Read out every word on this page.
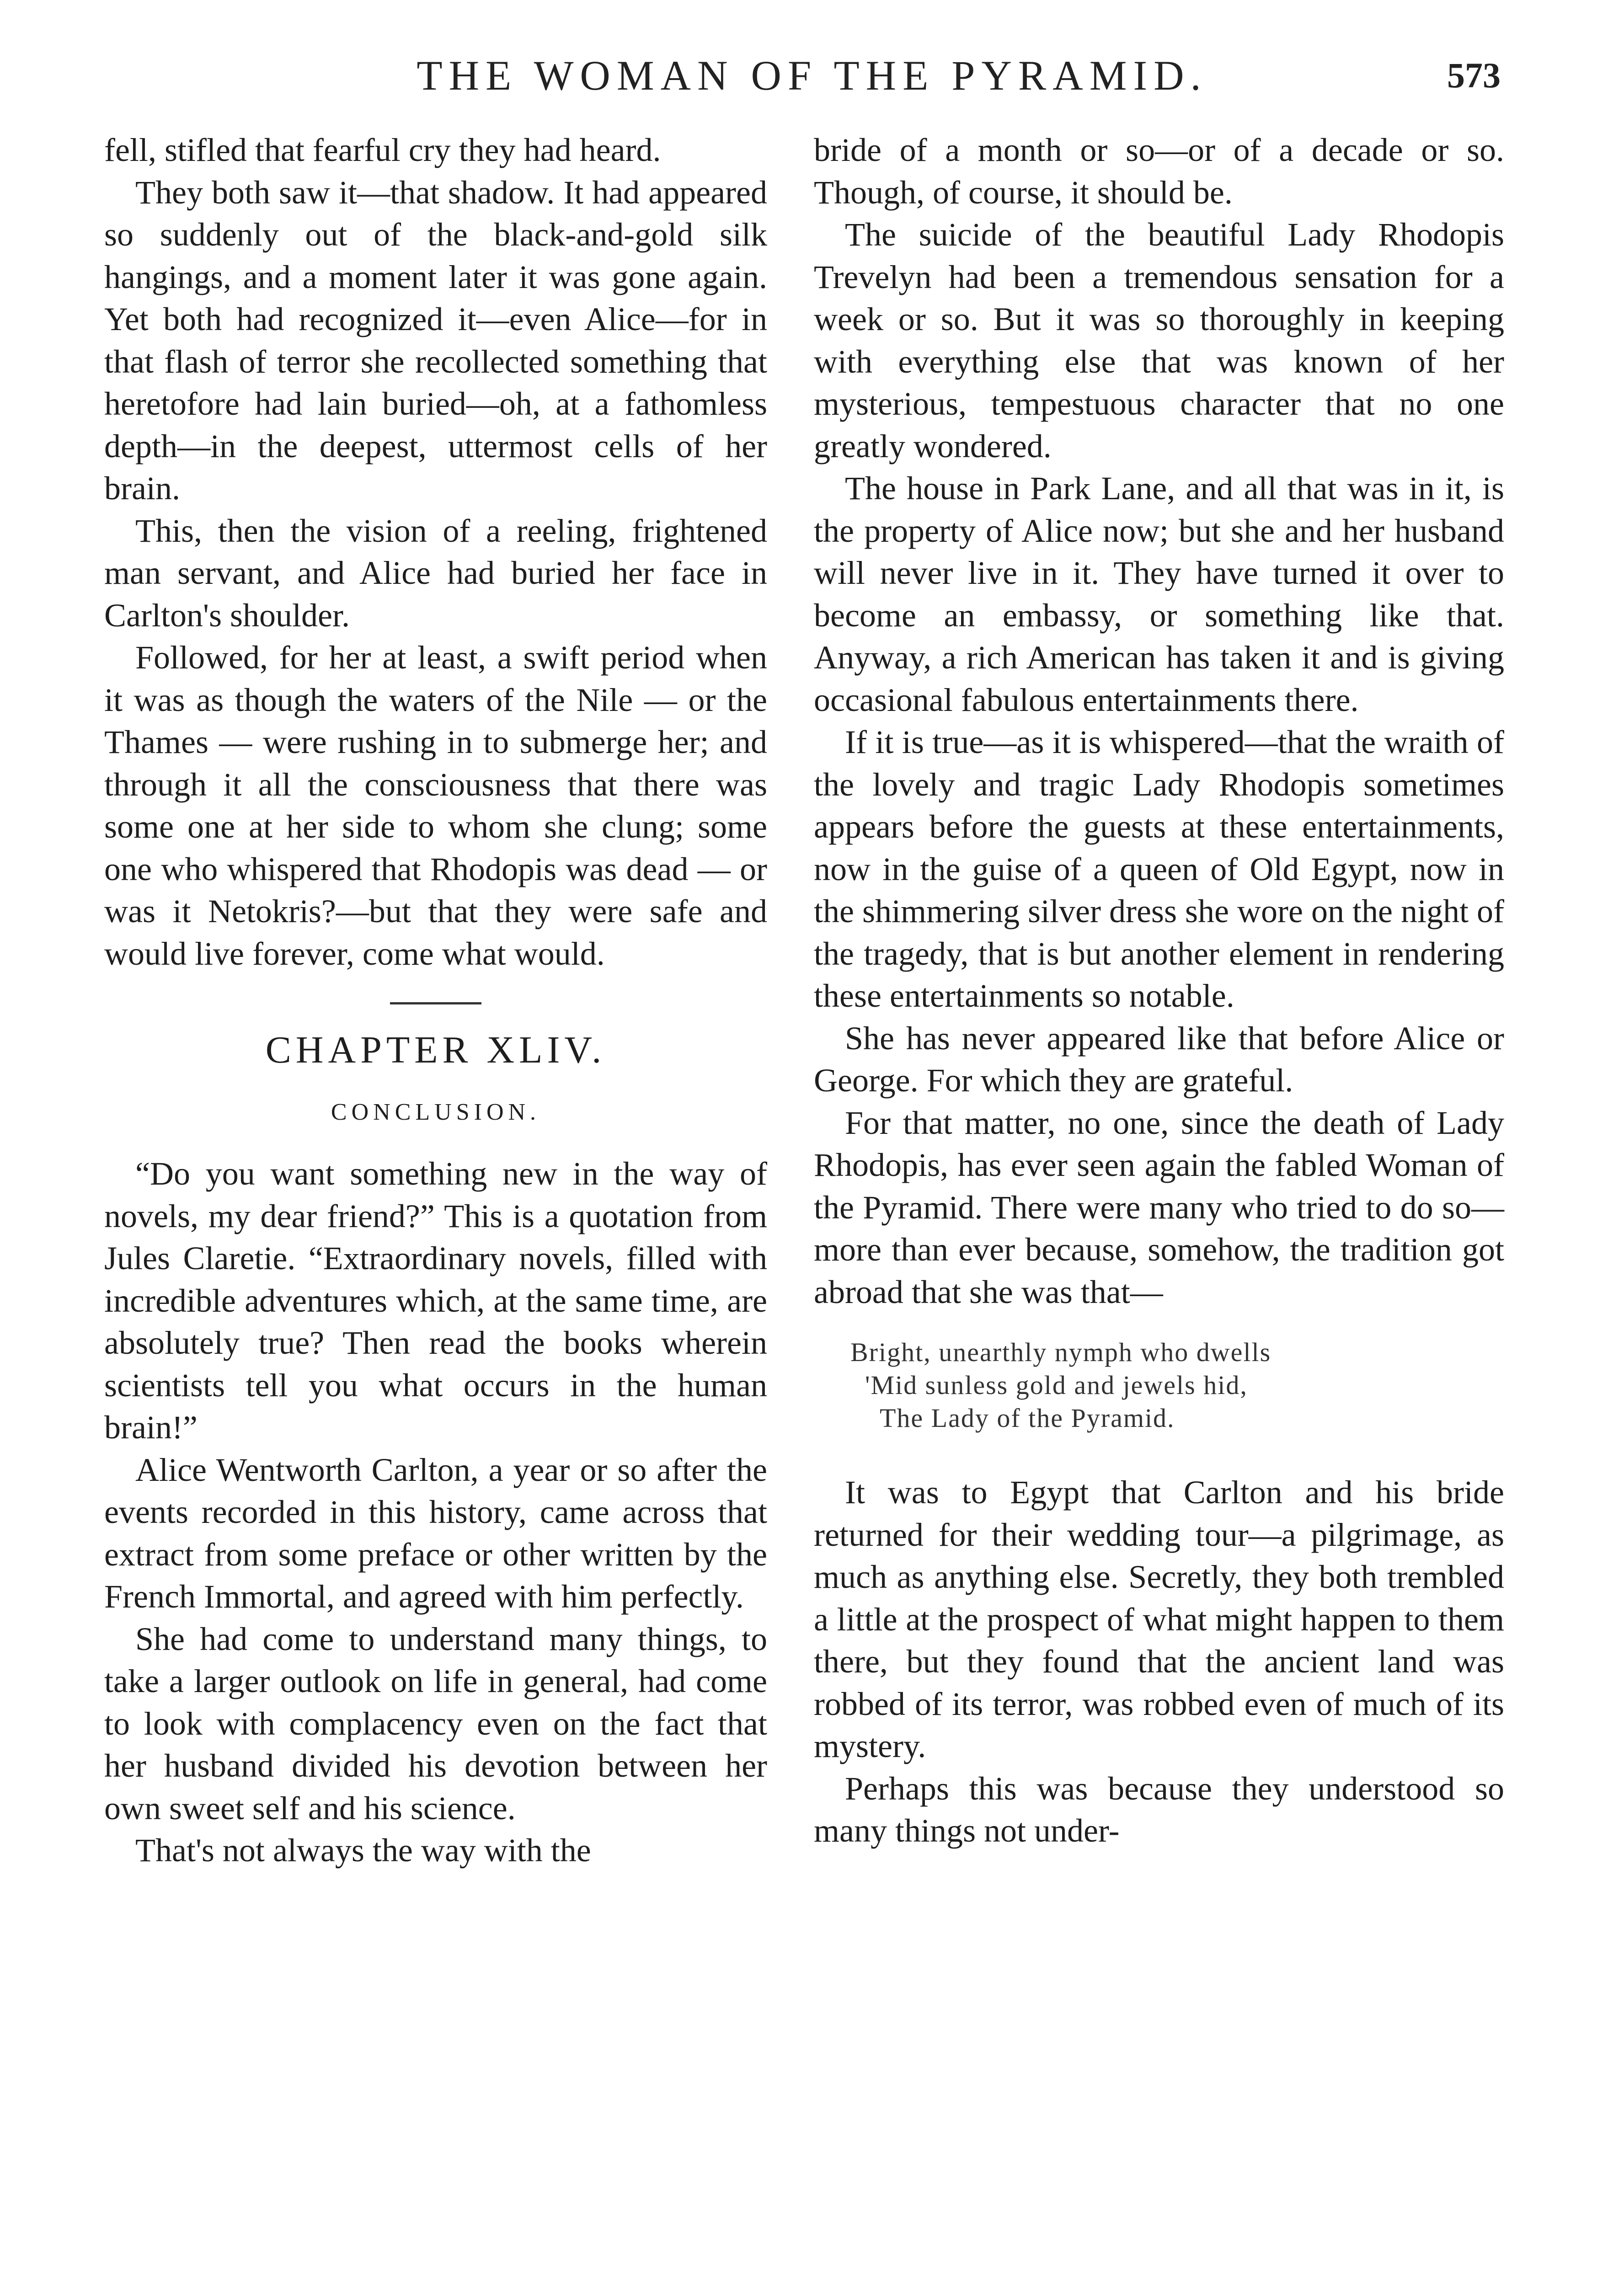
THE WOMAN OF THE PYRAMID.	573

fell, stifled that fearful cry they had heard.

They both saw it—that shadow. It had appeared so suddenly out of the black-and-gold silk hangings, and a moment later it was gone again. Yet both had recognized it—even Alice—for in that flash of terror she recollected something that heretofore had lain buried—oh, at a fathomless depth—in the deepest, uttermost cells of her brain.

This, then the vision of a reeling, frightened man servant, and Alice had buried her face in Carlton's shoulder.

Followed, for her at least, a swift period when it was as though the waters of the Nile — or the Thames — were rushing in to submerge her; and through it all the consciousness that there was some one at her side to whom she clung; some one who whispered that Rhodopis was dead — or was it Netokris?—but that they were safe and would live forever, come what would.

CHAPTER XLIV.
CONCLUSION.

“Do you want something new in the way of novels, my dear friend?” This is a quotation from Jules Claretie. “Extraordinary novels, filled with incredible adventures which, at the same time, are absolutely true? Then read the books wherein scientists tell you what occurs in the human brain!”

Alice Wentworth Carlton, a year or so after the events recorded in this history, came across that extract from some preface or other written by the French Immortal, and agreed with him perfectly.

She had come to understand many things, to take a larger outlook on life in general, had come to look with complacency even on the fact that her husband divided his devotion between her own sweet self and his science.

That's not always the way with the

bride of a month or so—or of a decade or so. Though, of course, it should be.

The suicide of the beautiful Lady Rhodopis Trevelyn had been a tremendous sensation for a week or so. But it was so thoroughly in keeping with everything else that was known of her mysterious, tempestuous character that no one greatly wondered.

The house in Park Lane, and all that was in it, is the property of Alice now; but she and her husband will never live in it. They have turned it over to become an embassy, or something like that. Anyway, a rich American has taken it and is giving occasional fabulous entertainments there.

If it is true—as it is whispered—that the wraith of the lovely and tragic Lady Rhodopis sometimes appears before the guests at these entertainments, now in the guise of a queen of Old Egypt, now in the shimmering silver dress she wore on the night of the tragedy, that is but another element in rendering these entertainments so notable.

She has never appeared like that before Alice or George. For which they are grateful.

For that matter, no one, since the death of Lady Rhodopis, has ever seen again the fabled Woman of the Pyramid. There were many who tried to do so—more than ever because, somehow, the tradition got abroad that she was that—

Bright, unearthly nymph who dwells
'Mid sunless gold and jewels hid,
The Lady of the Pyramid.

It was to Egypt that Carlton and his bride returned for their wedding tour—a pilgrimage, as much as anything else. Secretly, they both trembled a little at the prospect of what might happen to them there, but they found that the ancient land was robbed of its terror, was robbed even of much of its mystery.

Perhaps this was because they understood so many things not under-
